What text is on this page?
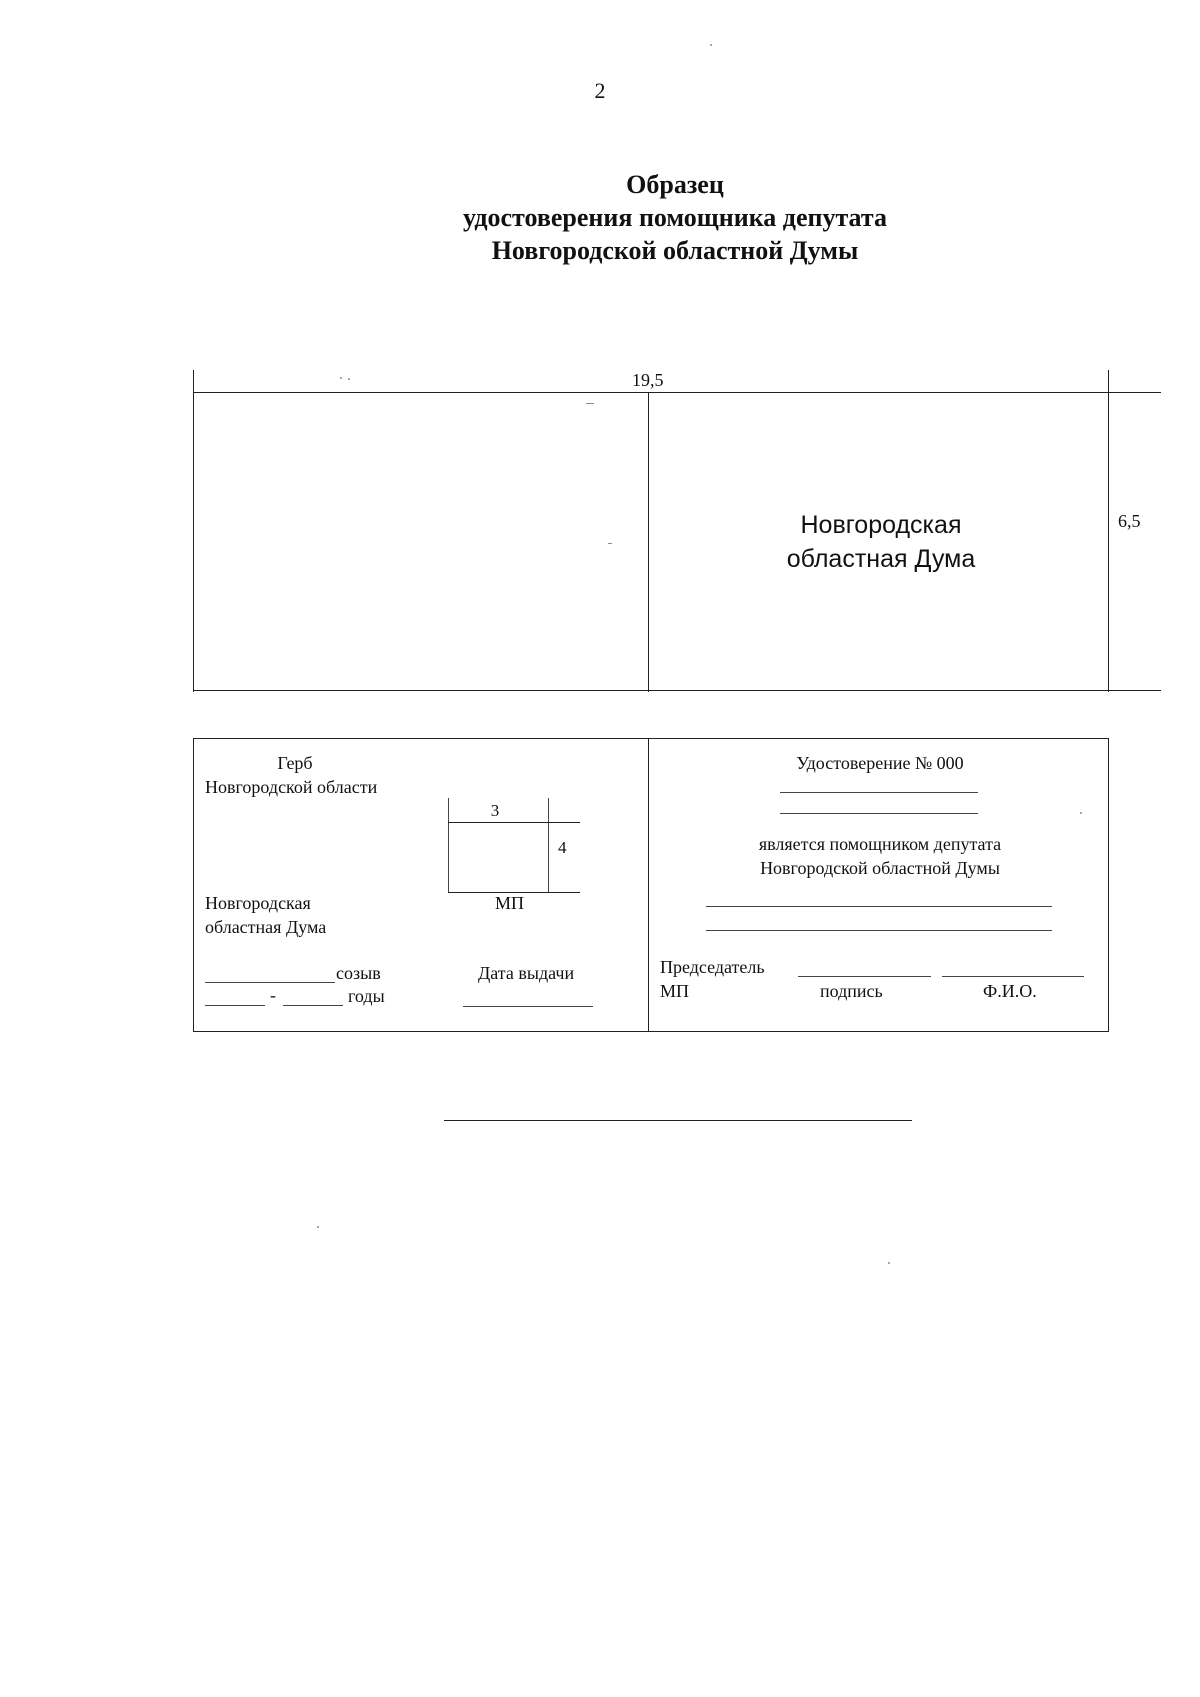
2
Образец
удостоверения помощника депутата
Новгородской областной Думы
19,5
6,5
Новгородская
областная Дума
Герб
Новгородской области
3
4
МП
Новгородская
областная Дума
созыв
-	годы
Дата выдачи
Удостоверение № 000
является помощником депутата
Новгородской областной Думы
Председатель
МП	подпись	Ф.И.О.
